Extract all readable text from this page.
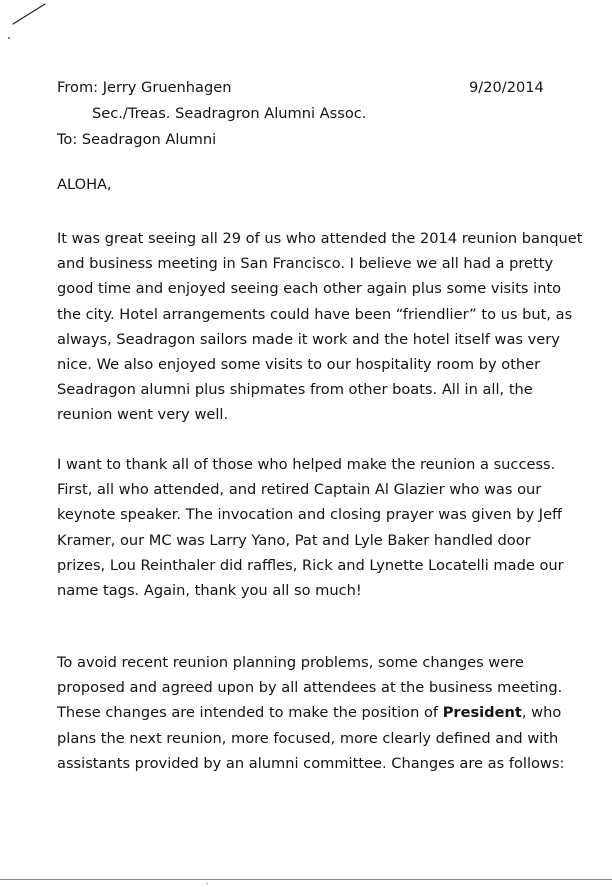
From: Jerry Gruenhagen
Sec./Treas. Seadragron Alumni Assoc.
To: Seadragon Alumni
9/20/2014
ALOHA,
It was great seeing all 29 of us who attended the 2014 reunion banquet
and business meeting in San Francisco. I believe we all had a pretty
good time and enjoyed seeing each other again plus some visits into
the city. Hotel arrangements could have been “friendlier” to us but, as
always, Seadragon sailors made it work and the hotel itself was very
nice. We also enjoyed some visits to our hospitality room by other
Seadragon alumni plus shipmates from other boats. All in all, the
reunion went very well.
I want to thank all of those who helped make the reunion a success.
First, all who attended, and retired Captain Al Glazier who was our
keynote speaker. The invocation and closing prayer was given by Jeff
Kramer, our MC was Larry Yano, Pat and Lyle Baker handled door
prizes, Lou Reinthaler did raffles, Rick and Lynette Locatelli made our
name tags. Again, thank you all so much!
To avoid recent reunion planning problems, some changes were
proposed and agreed upon by all attendees at the business meeting.
These changes are intended to make the position of President, who
plans the next reunion, more focused, more clearly defined and with
assistants provided by an alumni committee. Changes are as follows:
